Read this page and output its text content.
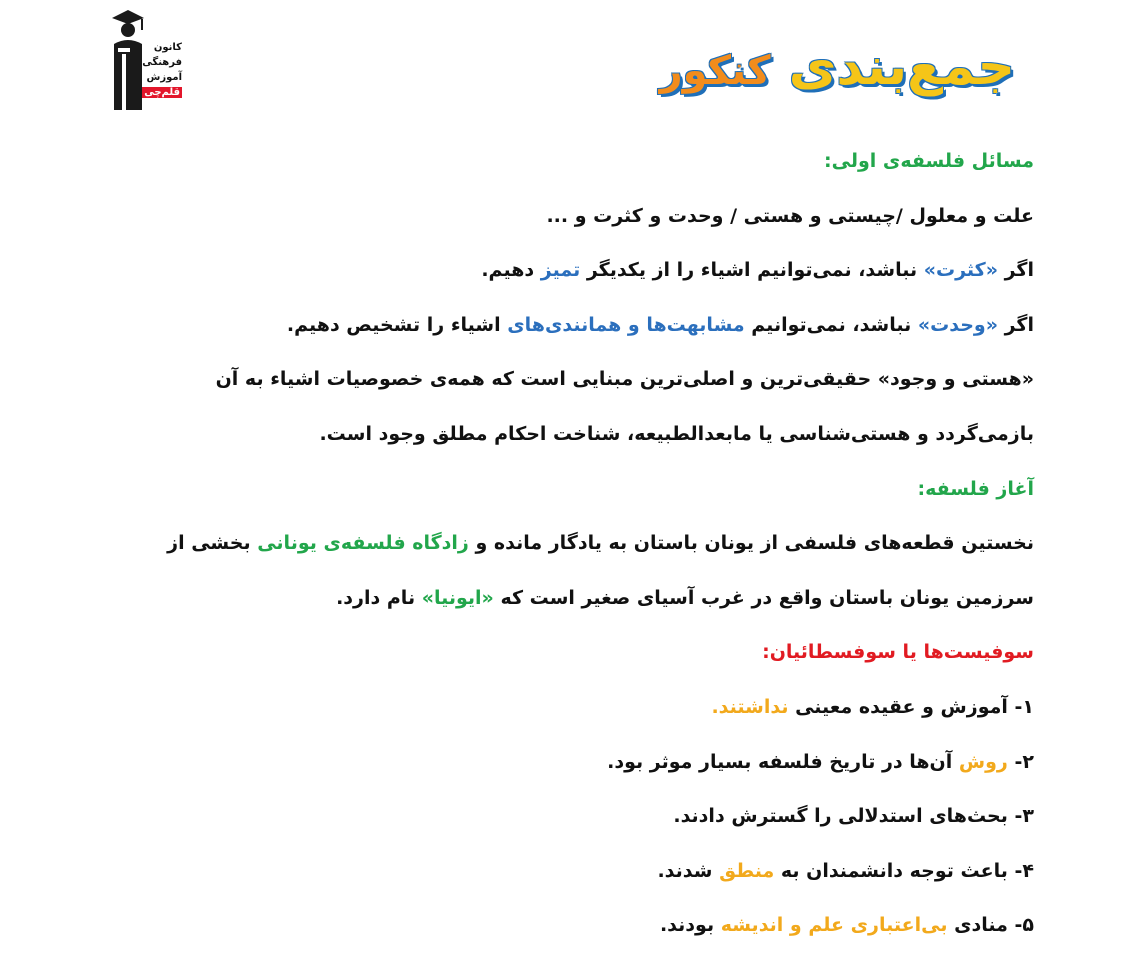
کانون
فرهنگی
آموزش
قلم‌چی	جمع‌بندی کنکور
مسائل فلسفه‌ی اولی:
علت و معلول /چیستی و هستی / وحدت و کثرت و ...
اگر «کثرت» نباشد، نمی‌توانیم اشیاء را از یکدیگر تمیز دهیم.
اگر «وحدت» نباشد، نمی‌توانیم مشابهت‌ها و همانندی‌های اشیاء را تشخیص دهیم.
«هستی و وجود» حقیقی‌ترین و اصلی‌ترین مبنایی است که همه‌ی خصوصیات اشیاء به آن
بازمی‌گردد و هستی‌شناسی یا مابعدالطبیعه، شناخت احکام مطلق وجود است.
آغاز فلسفه:
نخستین قطعه‌های فلسفی از یونان باستان به یادگار مانده و زادگاه فلسفه‌ی یونانی بخشی از
سرزمین یونان باستان واقع در غرب آسیای صغیر است که «ایونیا» نام دارد.
سوفیست‌ها یا سوفسطائیان:
۱- آموزش و عقیده معینی نداشتند.
۲- روش آن‌ها در تاریخ فلسفه بسیار موثر بود.
۳- بحث‌های استدلالی را گسترش دادند.
۴- باعث توجه دانشمندان به منطق شدند.
۵- منادی بی‌اعتباری علم و اندیشه بودند.
